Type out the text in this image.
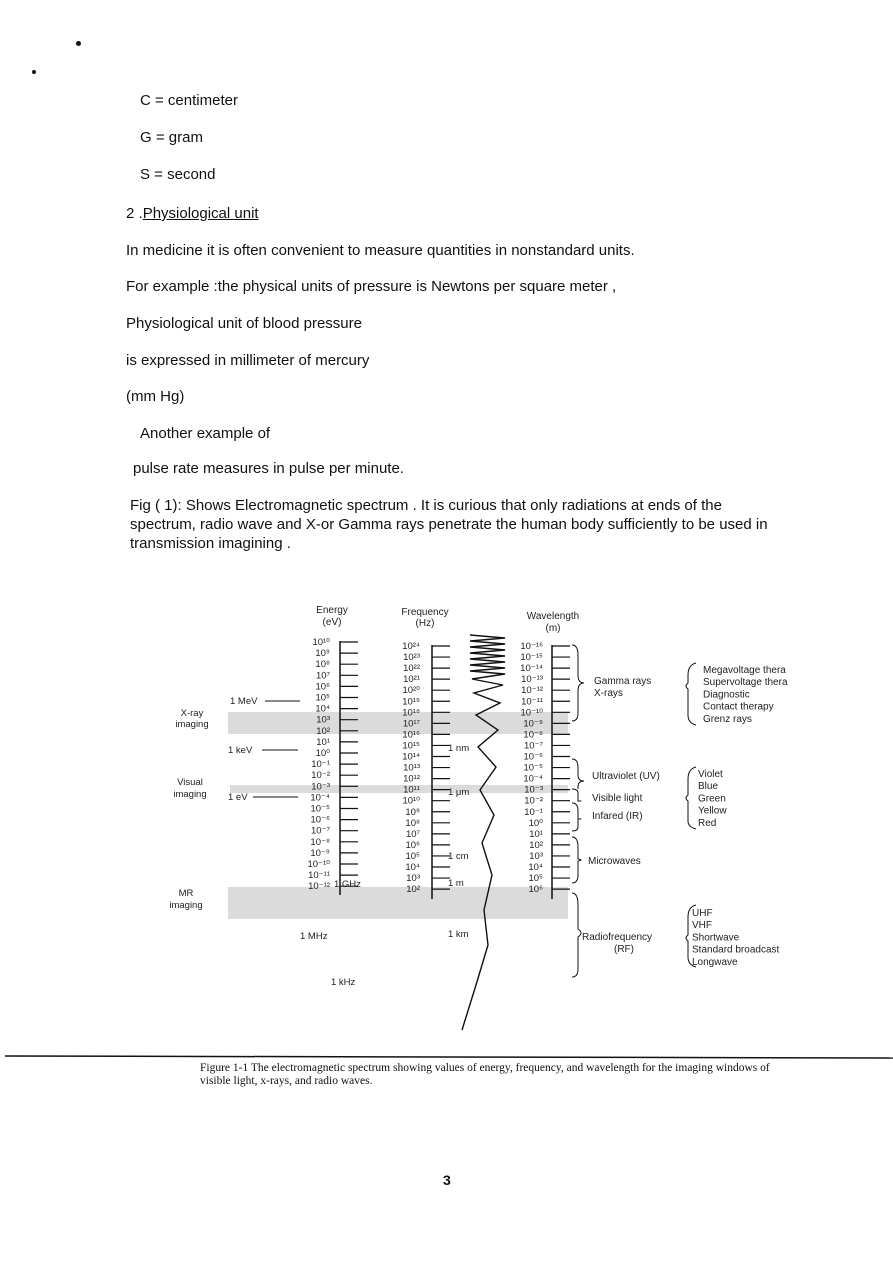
C = centimeter
G = gram
S = second
2 .Physiological unit
In medicine it is often convenient to measure quantities in nonstandard units.
For example :the physical units of pressure is Newtons per square meter ,
Physiological unit of blood pressure
is expressed in millimeter of mercury
(mm Hg)
Another example of
pulse rate measures in pulse per minute.
Fig ( 1): Shows Electromagnetic spectrum . It is curious that only radiations at ends of the spectrum, radio wave and X-or Gamma rays penetrate the human body sufficiently to be used in transmission imagining .
Energy
(eV)
Frequency
(Hz)
Wavelength
(m)
10¹⁰
10⁹
10⁸
10⁷
10⁶
10⁵
10⁴
10³
10²
10¹
10⁰
10⁻¹
10⁻²
10⁻³
10⁻⁴
10⁻⁵
10⁻⁶
10⁻⁷
10⁻⁸
10⁻⁹
10⁻¹⁰
10⁻¹¹
10⁻¹²
10²⁴
10²³
10²²
10²¹
10²⁰
10¹⁹
10¹⁸
10¹⁷
10¹⁶
10¹⁵
10¹⁴
10¹³
10¹²
10¹¹
10¹⁰
10⁹
10⁸
10⁷
10⁶
10⁵
10⁴
10³
10²
10⁻¹⁶
10⁻¹⁵
10⁻¹⁴
10⁻¹³
10⁻¹²
10⁻¹¹
10⁻¹⁰
10⁻⁹
10⁻⁸
10⁻⁷
10⁻⁶
10⁻⁵
10⁻⁴
10⁻³
10⁻²
10⁻¹
10⁰
10¹
10²
10³
10⁴
10⁵
10⁶
1 MeV
1 keV
1 eV
1 GHz
1 MHz
1 kHz
1 nm
1 μm
1 cm
1 m
1 km
X-ray
imaging
Visual
imaging
MR
imaging
Gamma rays
X-rays
Ultraviolet (UV)
Visible light
Infared (IR)
Microwaves
Radiofrequency
(RF)
Megavoltage thera
Supervoltage thera
Diagnostic
Contact therapy
Grenz rays
Violet
Blue
Green
Yellow
Red
UHF
VHF
Shortwave
Standard broadcast
Longwave
Figure 1-1 The electromagnetic spectrum showing values of energy, frequency, and wavelength for the imaging windows of visible light, x-rays, and radio waves.
3
